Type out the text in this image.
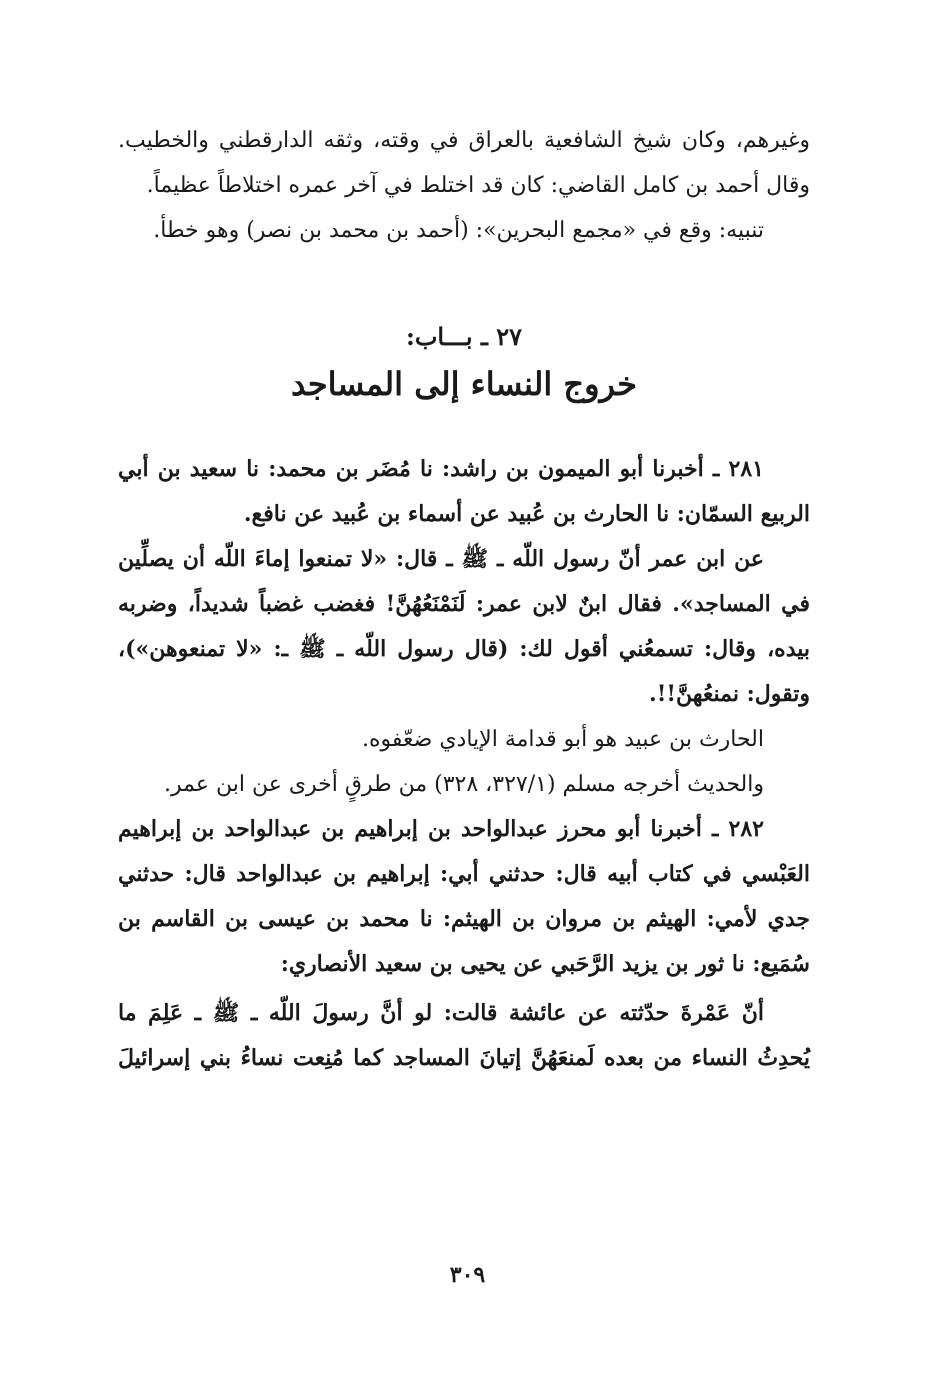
وغيرهم، وكان شيخ الشافعية بالعراق في وقته، وثقه الدارقطني والخطيب.

وقال أحمد بن كامل القاضي: كان قد اختلط في آخر عمره اختلاطاً عظيماً.

تنبيه: وقع في «مجمع البحرين»: (أحمد بن محمد بن نصر) وهو خطأ.

٢٧ ـ بـــاب:

خروج النساء إلى المساجد

٢٨١ ـ أخبرنا أبو الميمون بن راشد: نا مُضَر بن محمد: نا سعيد بن أبي الربيع السمّان: نا الحارث بن عُبيد عن أسماء بن عُبيد عن نافع.

عن ابن عمر أنّ رسول اللّه ـ ﷺ ـ قال: «لا تمنعوا إماءَ اللّه أن يصلِّين في المساجد». فقال ابنٌ لابن عمر: لَنَمْنَعُهُنَّ! فغضب غضباً شديداً، وضربه بيده، وقال: تسمعُني أقول لك: (قال رسول اللّه ـ ﷺ ـ: «لا تمنعوهن»)، وتقول: نمنعُهنَّ!!.

الحارث بن عبيد هو أبو قدامة الإيادي ضعّفوه.

والحديث أخرجه مسلم (٣٢٧/١، ٣٢٨) من طرقٍ أخرى عن ابن عمر.

٢٨٢ ـ أخبرنا أبو محرز عبدالواحد بن إبراهيم بن عبدالواحد بن إبراهيم العَبْسي في كتاب أبيه قال: حدثني أبي: إبراهيم بن عبدالواحد قال: حدثني جدي لأمي: الهيثم بن مروان بن الهيثم: نا محمد بن عيسى بن القاسم بن سُمَيع: نا ثور بن يزيد الرَّحَبي عن يحيى بن سعيد الأنصاري:

أنّ عَمْرةَ حدّثته عن عائشة قالت: لو أنَّ رسولَ اللّه ـ ﷺ ـ عَلِمَ ما يُحدِثُ النساء من بعده لَمنعَهُنَّ إتيانَ المساجد كما مُنِعت نساءُ بني إسرائيلَ

٣٠٩
